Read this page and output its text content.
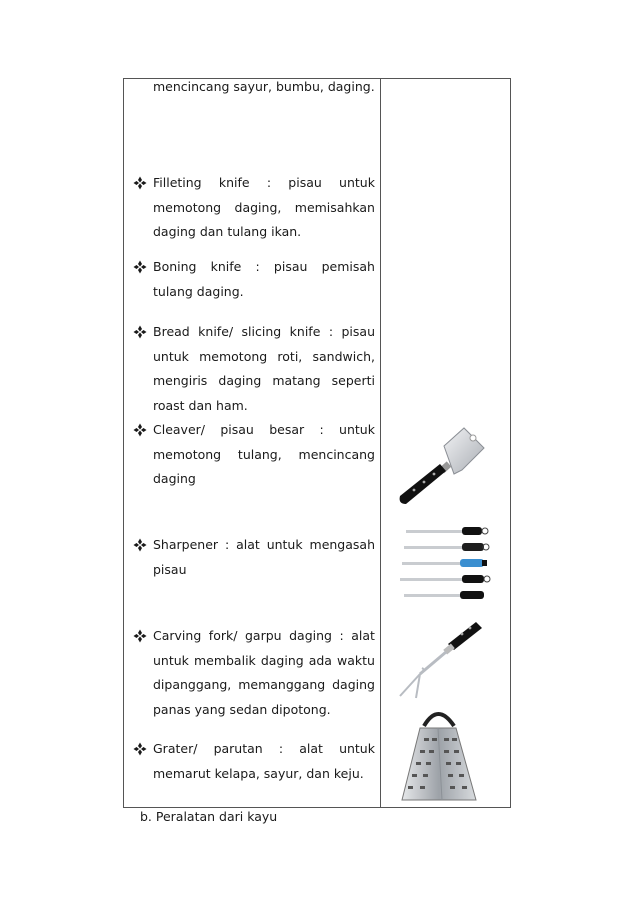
mencincang sayur, bumbu, daging.
Filleting knife : pisau untuk
memotong daging, memisahkan
daging dan tulang ikan.
Boning knife : pisau pemisah
tulang daging.
Bread knife/ slicing knife : pisau
untuk memotong roti, sandwich,
mengiris daging matang seperti
roast dan ham.
Cleaver/ pisau besar : untuk
memotong tulang, mencincang
daging
Sharpener : alat untuk mengasah
pisau
Carving fork/ garpu daging : alat
untuk membalik daging ada waktu
dipanggang, memanggang daging
panas yang sedan dipotong.
Grater/ parutan : alat untuk
memarut kelapa, sayur, dan keju.
b. Peralatan dari kayu
